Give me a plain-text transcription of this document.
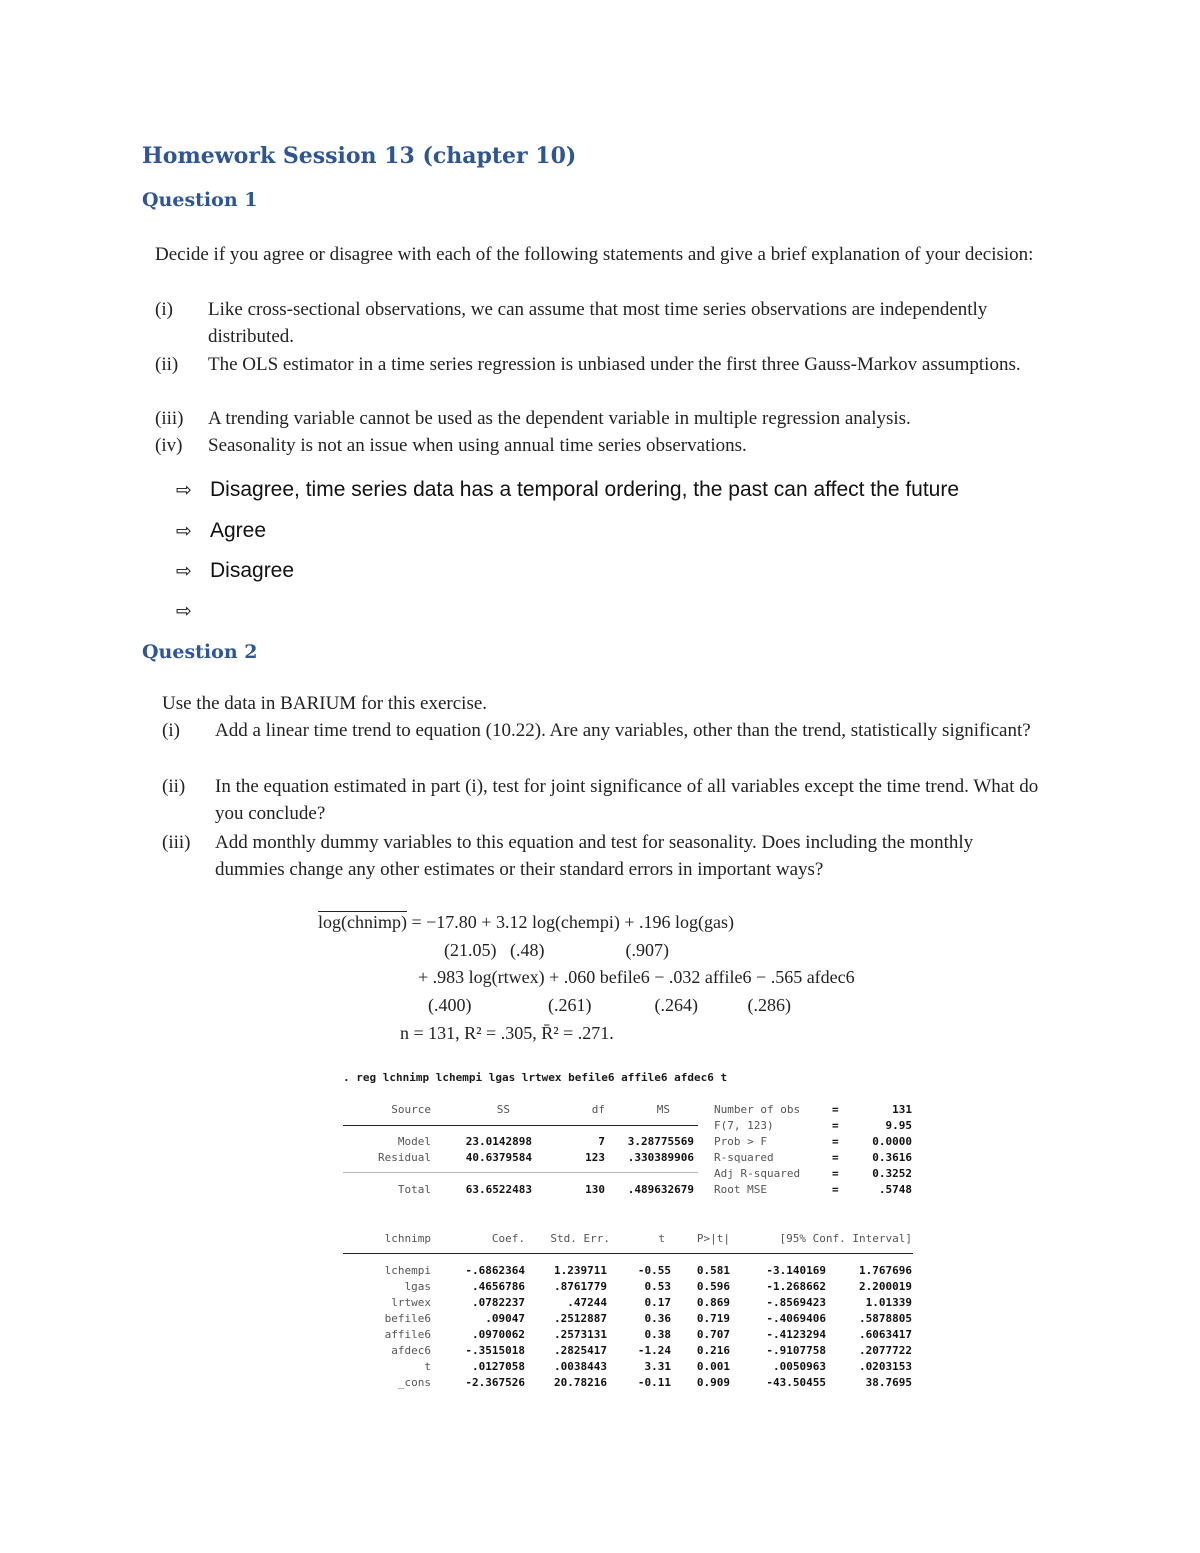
Homework Session 13 (chapter 10)
Question 1
Decide if you agree or disagree with each of the following statements and give a brief explanation of your decision:
(i) Like cross-sectional observations, we can assume that most time series observations are independently distributed.
(ii) The OLS estimator in a time series regression is unbiased under the first three Gauss-Markov assumptions.
(iii) A trending variable cannot be used as the dependent variable in multiple regression analysis.
(iv) Seasonality is not an issue when using annual time series observations.
⇨ Disagree, time series data has a temporal ordering, the past can affect the future
⇨ Agree
⇨ Disagree
⇨
Question 2
Use the data in BARIUM for this exercise.
(i) Add a linear time trend to equation (10.22). Are any variables, other than the trend, statistically significant?
(ii) In the equation estimated in part (i), test for joint significance of all variables except the time trend. What do you conclude?
(iii) Add monthly dummy variables to this equation and test for seasonality. Does including the monthly dummies change any other estimates or their standard errors in important ways?
log(chnimp) = −17.80 + 3.12 log(chempi) + .196 log(gas)
(21.05)   (.48)                  (.907)
+ .983 log(rtwex) + .060 befile6 − .032 affile6 − .565 afdec6
(.400)                 (.261)              (.264)           (.286)
n = 131, R² = .305, R̄² = .271.
. reg lchnimp lchempi lgas lrtwex befile6 affile6 afdec6 t
Source	SS	df	MS
Model	23.0142898	7	3.28775569
Residual	40.6379584	123	.330389906
Total	63.6522483	130	.489632679
Number of obs	=	131
F(7, 123)	=	9.95
Prob > F	=	0.0000
R-squared	=	0.3616
Adj R-squared	=	0.3252
Root MSE	=	.5748
lchnimp	Coef.	Std. Err.	t	P>|t|	[95% Conf. Interval]
lchempi	-.6862364	1.239711	-0.55	0.581	-3.140169	1.767696
lgas	.4656786	.8761779	0.53	0.596	-1.268662	2.200019
lrtwex	.0782237	.47244	0.17	0.869	-.8569423	1.01339
befile6	.09047	.2512887	0.36	0.719	-.4069406	.5878805
affile6	.0970062	.2573131	0.38	0.707	-.4123294	.6063417
afdec6	-.3515018	.2825417	-1.24	0.216	-.9107758	.2077722
t	.0127058	.0038443	3.31	0.001	.0050963	.0203153
_cons	-2.367526	20.78216	-0.11	0.909	-43.50455	38.7695
